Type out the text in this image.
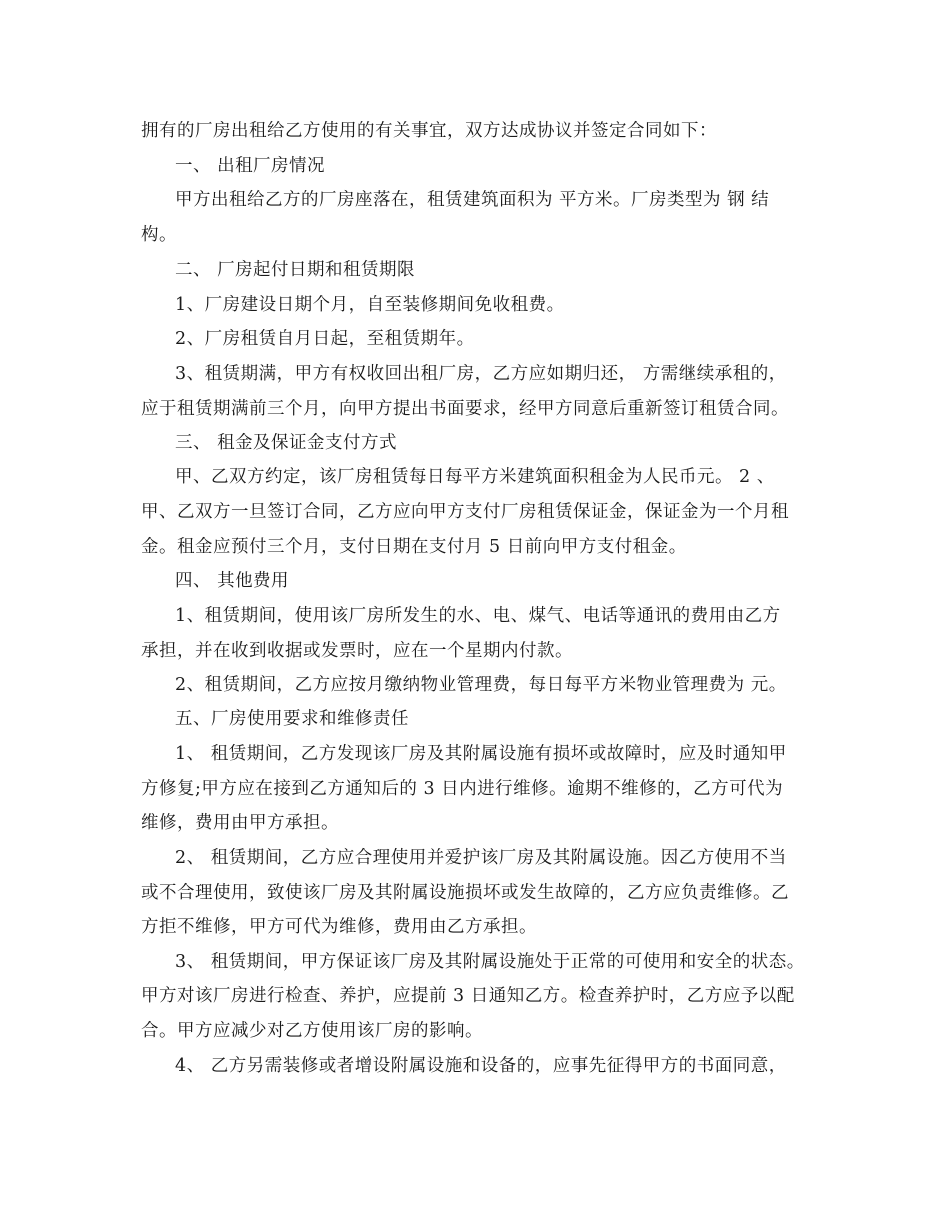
拥有的厂房出租给乙方使用的有关事宜，双方达成协议并签定合同如下：
一、 出租厂房情况
甲方出租给乙方的厂房座落在，租赁建筑面积为 平方米。厂房类型为 钢 结
构。
二、 厂房起付日期和租赁期限
1、厂房建设日期个月，自至装修期间免收租费。
2、厂房租赁自月日起，至租赁期年。
3、租赁期满，甲方有权收回出租厂房，乙方应如期归还， 方需继续承租的，
应于租赁期满前三个月，向甲方提出书面要求，经甲方同意后重新签订租赁合同。
三、 租金及保证金支付方式
甲、乙双方约定，该厂房租赁每日每平方米建筑面积租金为人民币元。 2 、
甲、乙双方一旦签订合同，乙方应向甲方支付厂房租赁保证金，保证金为一个月租
金。租金应预付三个月，支付日期在支付月 5 日前向甲方支付租金。
四、 其他费用
1、租赁期间，使用该厂房所发生的水、电、煤气、电话等通讯的费用由乙方
承担，并在收到收据或发票时，应在一个星期内付款。
2、租赁期间，乙方应按月缴纳物业管理费，每日每平方米物业管理费为 元。
五、厂房使用要求和维修责任
1、 租赁期间，乙方发现该厂房及其附属设施有损坏或故障时，应及时通知甲
方修复;甲方应在接到乙方通知后的 3 日内进行维修。逾期不维修的，乙方可代为
维修，费用由甲方承担。
2、 租赁期间，乙方应合理使用并爱护该厂房及其附属设施。因乙方使用不当
或不合理使用，致使该厂房及其附属设施损坏或发生故障的，乙方应负责维修。乙
方拒不维修，甲方可代为维修，费用由乙方承担。
3、 租赁期间，甲方保证该厂房及其附属设施处于正常的可使用和安全的状态。
甲方对该厂房进行检查、养护，应提前 3 日通知乙方。检查养护时，乙方应予以配
合。甲方应减少对乙方使用该厂房的影响。
4、 乙方另需装修或者增设附属设施和设备的，应事先征得甲方的书面同意，
